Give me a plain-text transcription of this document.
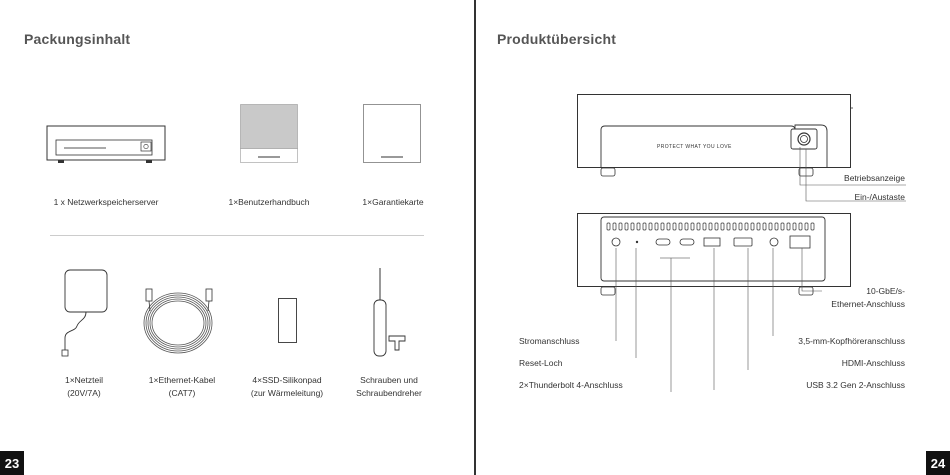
Packungsinhalt
1 x Netzwerkspeicherserver	1×Benutzerhandbuch	1×Garantiekarte
1×Netzteil
(20V/7A)
1×Ethernet-Kabel
(CAT7)
4×SSD-Silikonpad
(zur Wärmeleitung)
Schrauben und
Schraubendreher
23
Produktübersicht
PROTECT WHAT YOU LOVE
Betriebsanzeige
Ein-/Austaste
10-GbE/s-
Ethernet-Anschluss
3,5-mm-Kopfhöreranschluss
HDMI-Anschluss
USB 3.2 Gen 2-Anschluss
Stromanschluss
Reset-Loch
2×Thunderbolt 4-Anschluss
24
